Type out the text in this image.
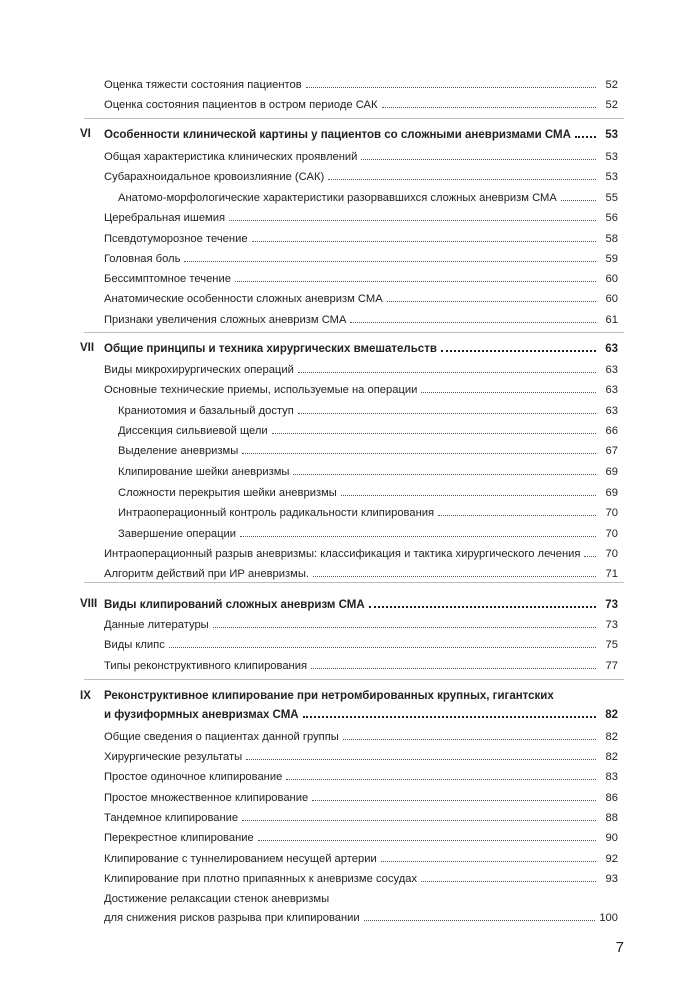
Оценка тяжести состояния пациентов	52
Оценка состояния пациентов в остром периоде САК	52
VI	Особенности клинической картины у пациентов со сложными аневризмами СМА	53
Общая характеристика клинических проявлений	53
Субарахноидальное кровоизлияние (САК)	53
Анатомо-морфологические характеристики разорвавшихся сложных аневризм СМА	55
Церебральная ишемия	56
Псевдотуморозное течение	58
Головная боль	59
Бессимптомное течение	60
Анатомические особенности сложных аневризм СМА	60
Признаки увеличения сложных аневризм СМА	61
VII Общие принципы и техника хирургических вмешательств	63
Виды микрохирургических операций	63
Основные технические приемы, используемые на операции	63
Краниотомия и базальный доступ	63
Диссекция сильвиевой щели	66
Выделение аневризмы	67
Клипирование шейки аневризмы	69
Сложности перекрытия шейки аневризмы	69
Интраоперационный контроль радикальности клипирования	70
Завершение операции	70
Интраоперационный разрыв аневризмы: классификация и тактика хирургического лечения	70
Алгоритм действий при ИР аневризмы.	71
VIII Виды клипирований сложных аневризм СМА	73
Данные литературы	73
Виды клипс	75
Типы реконструктивного клипирования	77
IX	Реконструктивное клипирование при нетромбированных крупных, гигантских
и фузиформных аневризмах СМА	82
Общие сведения о пациентах данной группы	82
Хирургические результаты	82
Простое одиночное клипирование	83
Простое множественное клипирование	86
Тандемное клипирование	88
Перекрестное клипирование	90
Клипирование с туннелированием несущей артерии	92
Клипирование при плотно припаянных к аневризме сосудах	93
Достижение релаксации стенок аневризмы
для снижения рисков разрыва при клипировании	100
7
